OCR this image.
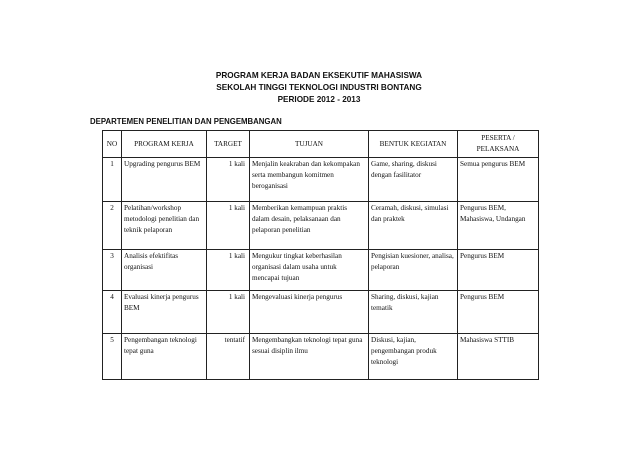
PROGRAM KERJA BADAN EKSEKUTIF MAHASISWA
SEKOLAH TINGGI TEKNOLOGI INDUSTRI BONTANG
PERIODE 2012 - 2013
DEPARTEMEN PENELITIAN DAN PENGEMBANGAN
NO	PROGRAM KERJA	TARGET	TUJUAN	BENTUK KEGIATAN	PESERTA / PELAKSANA
1	Upgrading pengurus BEM	1 kali	Menjalin keakraban dan kekompakan serta membangun komitmen beroganisasi	Game, sharing, diskusi dengan fasilitator	Semua pengurus BEM
2	Pelatihan/workshop metodologi penelitian dan teknik pelaporan	1 kali	Memberikan kemampuan praktis dalam desain, pelaksanaan dan pelaporan penelitian	Ceramah, diskusi, simulasi dan praktek	Pengurus BEM, Mahasiswa, Undangan
3	Analisis efektifitas organisasi	1 kali	Mengukur tingkat keberhasilan organisasi dalam usaha untuk mencapai tujuan	Pengisian kuesioner, analisa, pelaporan	Pengurus BEM
4	Evaluasi kinerja pengurus BEM	1 kali	Mengevaluasi kinerja pengurus	Sharing, diskusi, kajian tematik	Pengurus BEM
5	Pengembangan teknologi tepat guna	tentatif	Mengembangkan teknologi tepat guna sesuai disiplin ilmu	Diskusi, kajian, pengembangan produk teknologi	Mahasiswa STTIB
